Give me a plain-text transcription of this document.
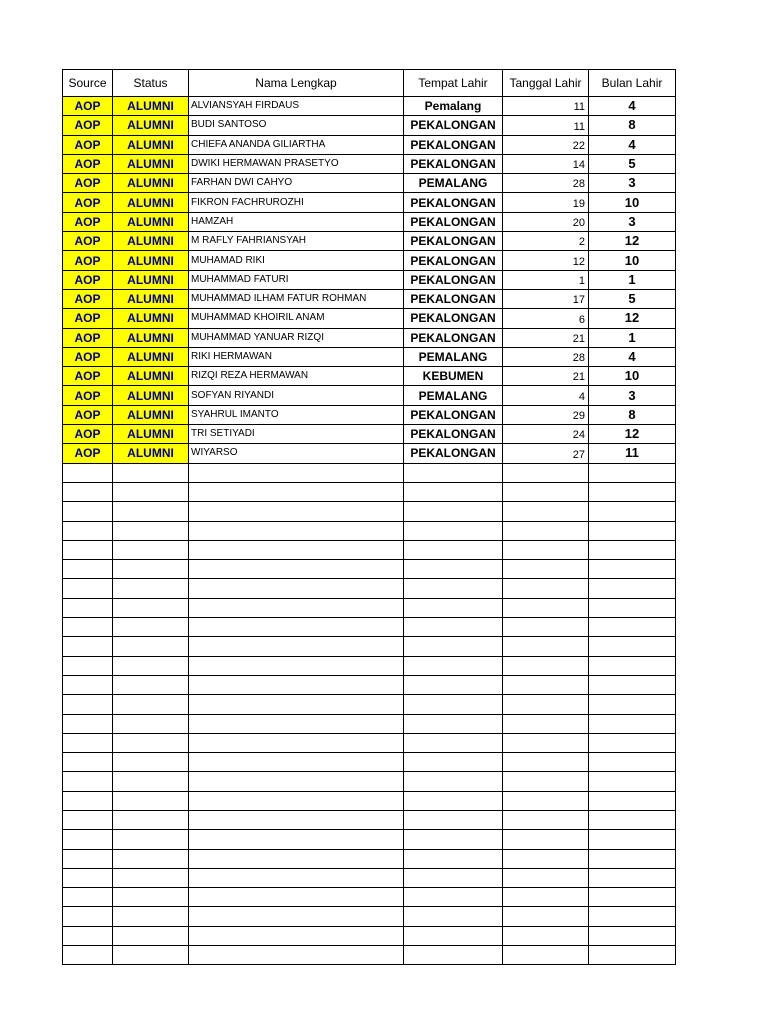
Source	Status	Nama Lengkap	Tempat Lahir	Tanggal Lahir	Bulan Lahir
AOP	ALUMNI	ALVIANSYAH FIRDAUS	Pemalang	11	4
AOP	ALUMNI	BUDI SANTOSO	PEKALONGAN	11	8
AOP	ALUMNI	CHIEFA ANANDA GILIARTHA	PEKALONGAN	22	4
AOP	ALUMNI	DWIKI HERMAWAN PRASETYO	PEKALONGAN	14	5
AOP	ALUMNI	FARHAN DWI CAHYO	PEMALANG	28	3
AOP	ALUMNI	FIKRON FACHRUROZHI	PEKALONGAN	19	10
AOP	ALUMNI	HAMZAH	PEKALONGAN	20	3
AOP	ALUMNI	M RAFLY FAHRIANSYAH	PEKALONGAN	2	12
AOP	ALUMNI	MUHAMAD RIKI	PEKALONGAN	12	10
AOP	ALUMNI	MUHAMMAD FATURI	PEKALONGAN	1	1
AOP	ALUMNI	MUHAMMAD ILHAM FATUR ROHMAN	PEKALONGAN	17	5
AOP	ALUMNI	MUHAMMAD KHOIRIL ANAM	PEKALONGAN	6	12
AOP	ALUMNI	MUHAMMAD YANUAR RIZQI	PEKALONGAN	21	1
AOP	ALUMNI	RIKI HERMAWAN	PEMALANG	28	4
AOP	ALUMNI	RIZQI REZA HERMAWAN	KEBUMEN	21	10
AOP	ALUMNI	SOFYAN RIYANDI	PEMALANG	4	3
AOP	ALUMNI	SYAHRUL IMANTO	PEKALONGAN	29	8
AOP	ALUMNI	TRI SETIYADI	PEKALONGAN	24	12
AOP	ALUMNI	WIYARSO	PEKALONGAN	27	11
